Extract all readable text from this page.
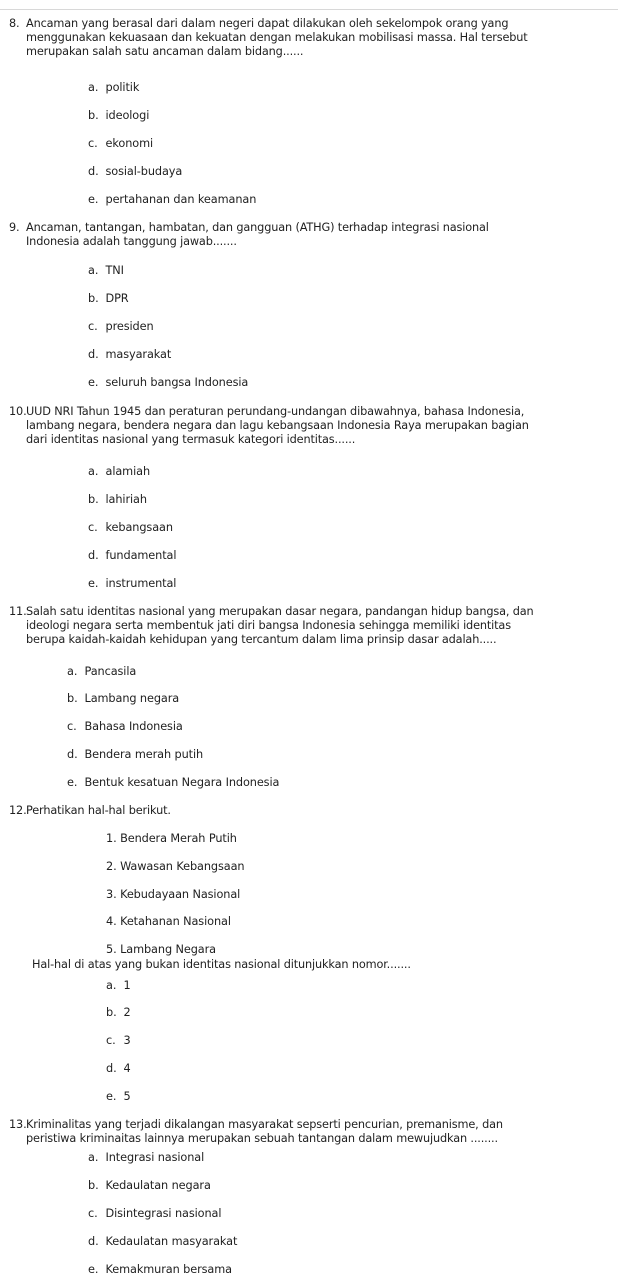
8. Ancaman yang berasal dari dalam negeri dapat dilakukan oleh sekelompok orang yang
menggunakan kekuasaan dan kekuatan dengan melakukan mobilisasi massa. Hal tersebut
merupakan salah satu ancaman dalam bidang......
a. politik
b. ideologi
c. ekonomi
d. sosial-budaya
e. pertahanan dan keamanan
9. Ancaman, tantangan, hambatan, dan gangguan (ATHG) terhadap integrasi nasional
Indonesia adalah tanggung jawab.......
a. TNI
b. DPR
c. presiden
d. masyarakat
e. seluruh bangsa Indonesia
10. UUD NRI Tahun 1945 dan peraturan perundang-undangan dibawahnya, bahasa Indonesia,
lambang negara, bendera negara dan lagu kebangsaan Indonesia Raya merupakan bagian
dari identitas nasional yang termasuk kategori identitas......
a. alamiah
b. lahiriah
c. kebangsaan
d. fundamental
e. instrumental
11. Salah satu identitas nasional yang merupakan dasar negara, pandangan hidup bangsa, dan
ideologi negara serta membentuk jati diri bangsa Indonesia sehingga memiliki identitas
berupa kaidah-kaidah kehidupan yang tercantum dalam lima prinsip dasar adalah.....
a. Pancasila
b. Lambang negara
c. Bahasa Indonesia
d. Bendera merah putih
e. Bentuk kesatuan Negara Indonesia
12. Perhatikan hal-hal berikut.
1. Bendera Merah Putih
2. Wawasan Kebangsaan
3. Kebudayaan Nasional
4. Ketahanan Nasional
5. Lambang Negara
Hal-hal di atas yang bukan identitas nasional ditunjukkan nomor.......
a. 1
b. 2
c. 3
d. 4
e. 5
13. Kriminalitas yang terjadi dikalangan masyarakat sepserti pencurian, premanisme, dan
peristiwa kriminaitas lainnya merupakan sebuah tantangan dalam mewujudkan ........
a. Integrasi nasional
b. Kedaulatan negara
c. Disintegrasi nasional
d. Kedaulatan masyarakat
e. Kemakmuran bersama
